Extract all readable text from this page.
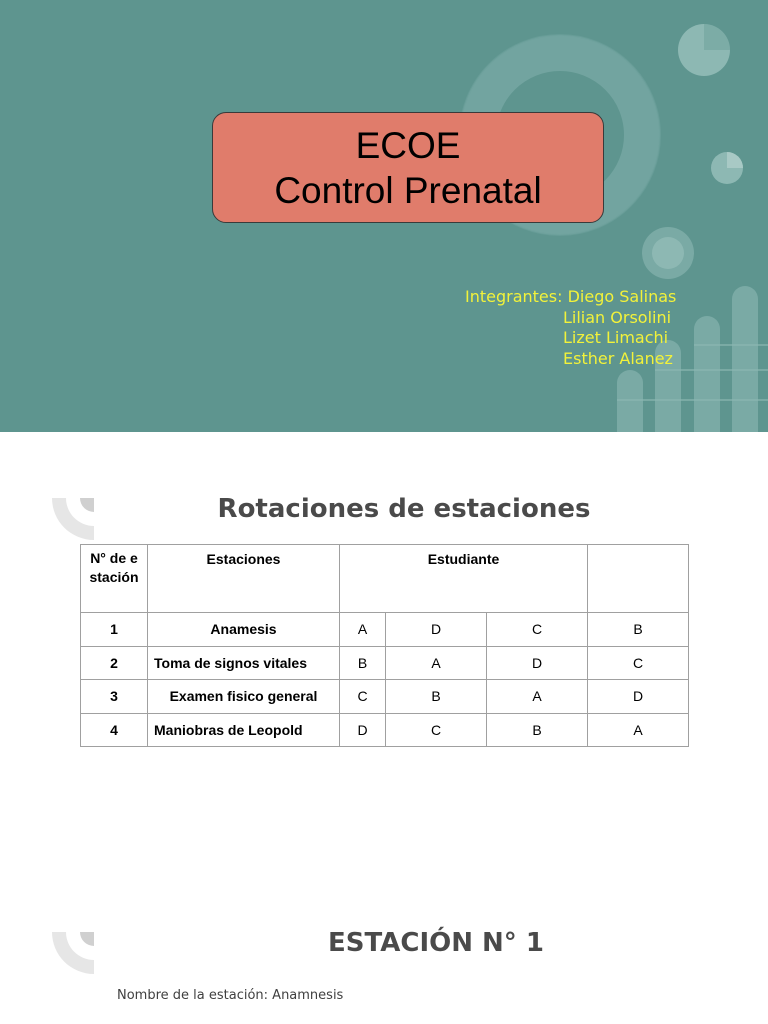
ECOE
Control Prenatal
Integrantes: Diego Salinas
Lilian Orsolini
Lizet Limachi
Esther Alanez
Rotaciones de estaciones
N° de estación	Estaciones	Estudiante			
1	Anamesis	A	D	C	B
2	Toma de signos vitales	B	A	D	C
3	Examen fisico general	C	B	A	D
4	Maniobras de Leopold	D	C	B	A
ESTACIÓN N° 1
Nombre de la estación: Anamnesis
